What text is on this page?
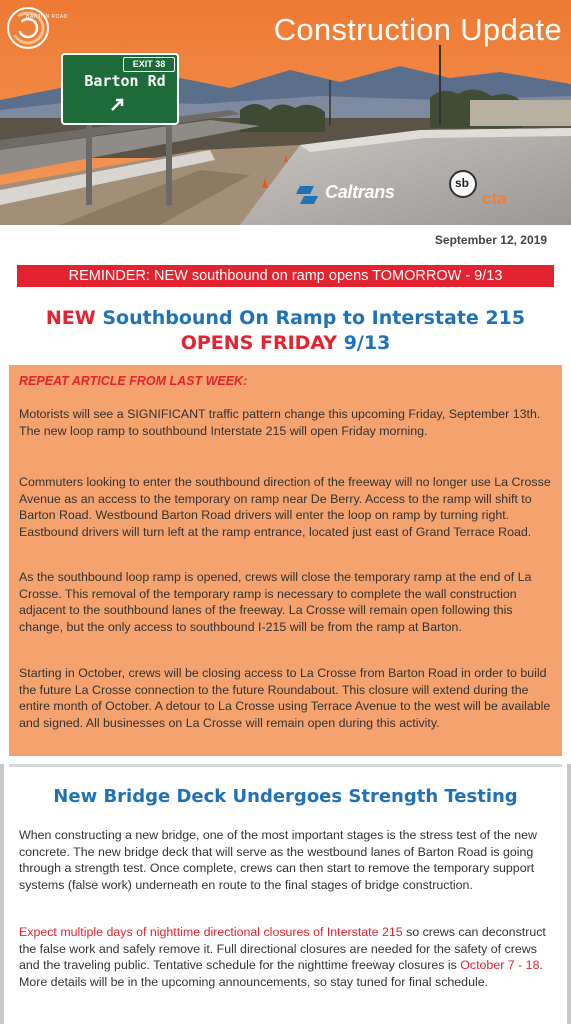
BARTON ROAD	Construction Update
EXIT 38
Barton Rd
Caltrans	sb
cta
September 12, 2019
REMINDER: NEW southbound on ramp opens TOMORROW - 9/13
NEW Southbound On Ramp to Interstate 215
OPENS FRIDAY 9/13
REPEAT ARTICLE FROM LAST WEEK:
Motorists will see a SIGNIFICANT traffic pattern change this upcoming Friday, September 13th. The new loop ramp to southbound Interstate 215 will open Friday morning.
Commuters looking to enter the southbound direction of the freeway will no longer use La Crosse Avenue as an access to the temporary on ramp near De Berry. Access to the ramp will shift to Barton Road. Westbound Barton Road drivers will enter the loop on ramp by turning right. Eastbound drivers will turn left at the ramp entrance, located just east of Grand Terrace Road.
As the southbound loop ramp is opened, crews will close the temporary ramp at the end of La Crosse. This removal of the temporary ramp is necessary to complete the wall construction adjacent to the southbound lanes of the freeway. La Crosse will remain open following this change, but the only access to southbound I-215 will be from the ramp at Barton.
Starting in October, crews will be closing access to La Crosse from Barton Road in order to build the future La Crosse connection to the future Roundabout. This closure will extend during the entire month of October. A detour to La Crosse using Terrace Avenue to the west will be available and signed. All businesses on La Crosse will remain open during this activity.
New Bridge Deck Undergoes Strength Testing
When constructing a new bridge, one of the most important stages is the stress test of the new concrete. The new bridge deck that will serve as the westbound lanes of Barton Road is going through a strength test. Once complete, crews can then start to remove the temporary support systems (false work) underneath en route to the final stages of bridge construction.
Expect multiple days of nighttime directional closures of Interstate 215 so crews can deconstruct the false work and safely remove it. Full directional closures are needed for the safety of crews and the traveling public. Tentative schedule for the nighttime freeway closures is October 7 - 18. More details will be in the upcoming announcements, so stay tuned for final schedule.
